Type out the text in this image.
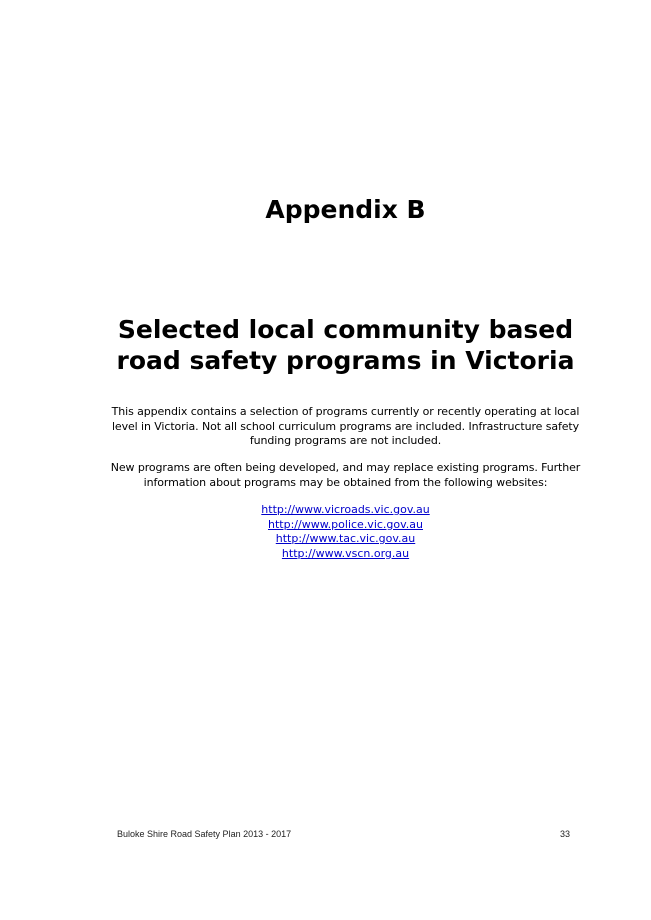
Appendix B
Selected local community based
road safety programs in Victoria
This appendix contains a selection of programs currently or recently operating at local level in Victoria. Not all school curriculum programs are included. Infrastructure safety funding programs are not included.
New programs are often being developed, and may replace existing programs. Further information about programs may be obtained from the following websites:
http://www.vicroads.vic.gov.au
http://www.police.vic.gov.au
http://www.tac.vic.gov.au
http://www.vscn.org.au
Buloke Shire Road Safety Plan 2013 - 2017	33
